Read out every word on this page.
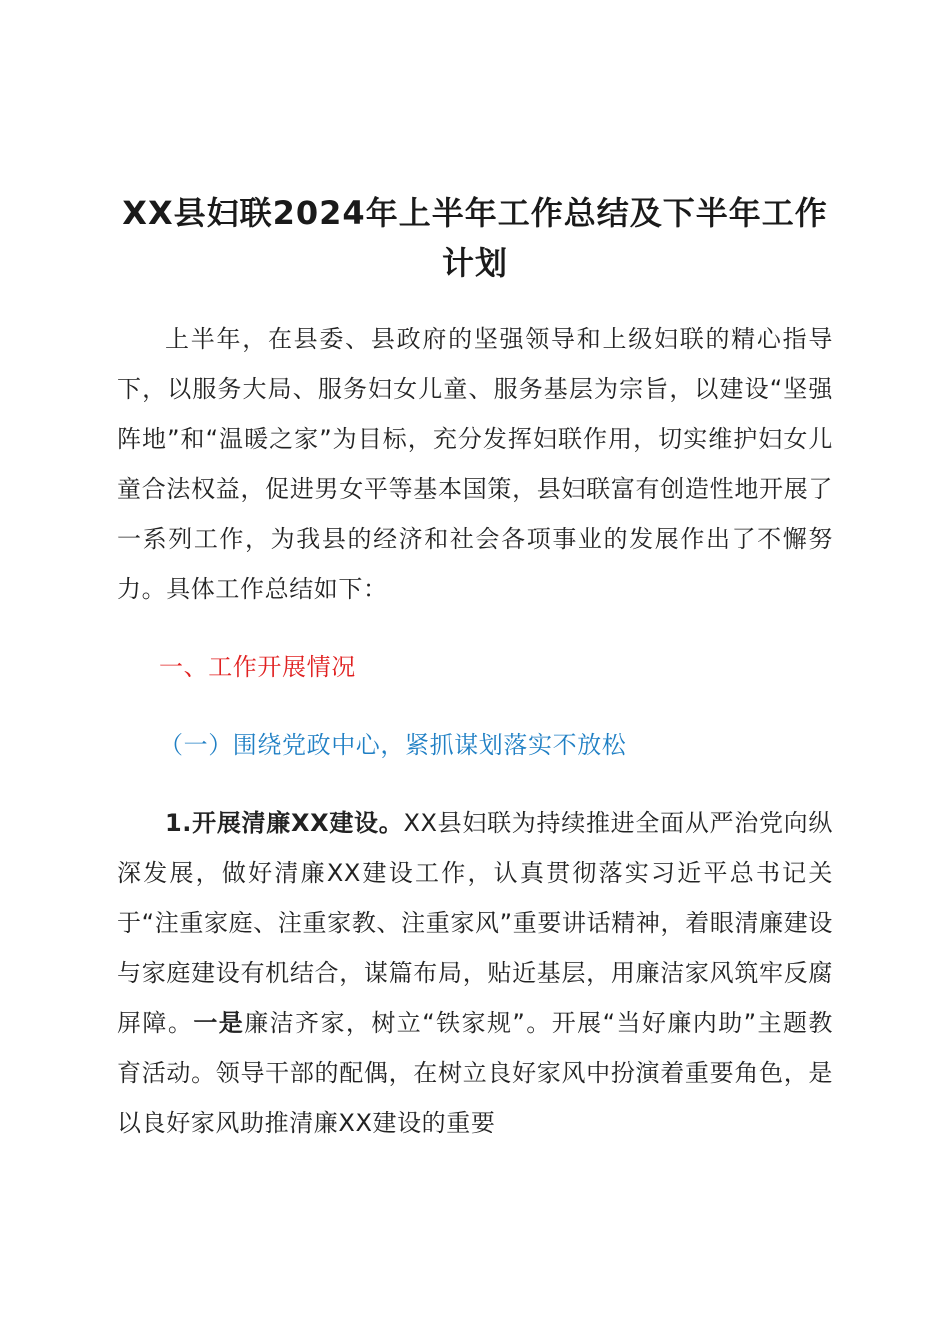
XX县妇联2024年上半年工作总结及下半年工作计划

上半年，在县委、县政府的坚强领导和上级妇联的精心指导下，以服务大局、服务妇女儿童、服务基层为宗旨，以建设“坚强阵地”和“温暖之家”为目标，充分发挥妇联作用，切实维护妇女儿童合法权益，促进男女平等基本国策，县妇联富有创造性地开展了一系列工作，为我县的经济和社会各项事业的发展作出了不懈努力。具体工作总结如下：

一、工作开展情况

（一）围绕党政中心，紧抓谋划落实不放松

1.开展清廉XX建设。XX县妇联为持续推进全面从严治党向纵深发展，做好清廉XX建设工作，认真贯彻落实习近平总书记关于“注重家庭、注重家教、注重家风”重要讲话精神，着眼清廉建设与家庭建设有机结合，谋篇布局，贴近基层，用廉洁家风筑牢反腐屏障。一是廉洁齐家，树立“铁家规”。开展“当好廉内助”主题教育活动。领导干部的配偶，在树立良好家风中扮演着重要角色，是以良好家风助推清廉XX建设的重要
